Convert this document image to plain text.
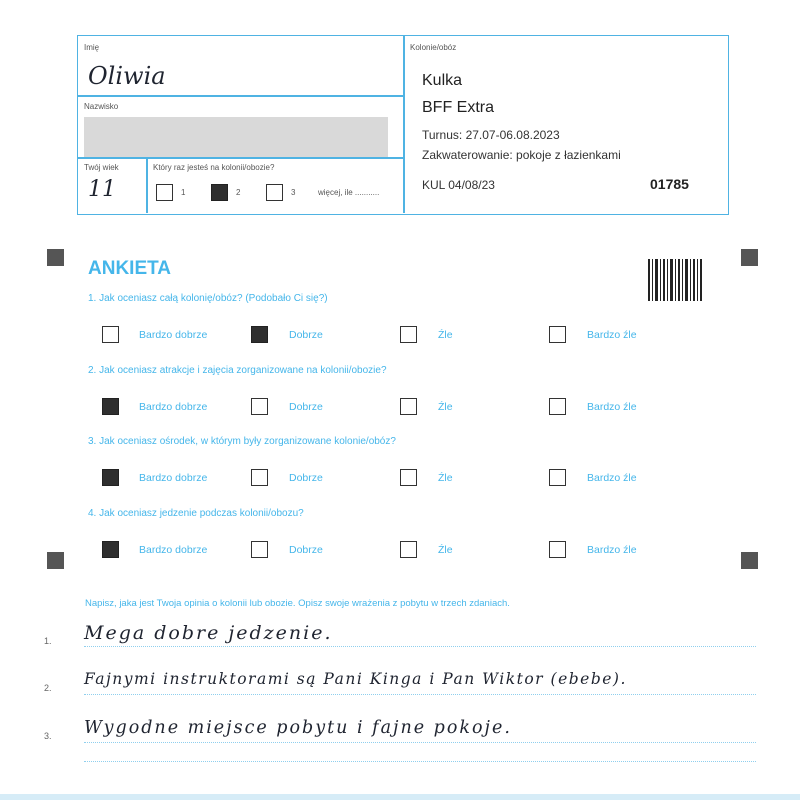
Imię
Oliwia
Nazwisko
Twój wiek
11
Który raz jesteś na kolonii/obozie?
1	2	3	więcej, ile ...........
Kolonie/obóz
Kulka
BFF Extra
Turnus: 27.07-06.08.2023
Zakwaterowanie: pokoje z łazienkami
KUL 04/08/23	01785
ANKIETA
1. Jak oceniasz całą kolonię/obóz? (Podobało Ci się?)
Bardzo dobrze	Dobrze	Źle	Bardzo źle
2. Jak oceniasz atrakcje i zajęcia zorganizowane na kolonii/obozie?
Bardzo dobrze	Dobrze	Źle	Bardzo źle
3. Jak oceniasz ośrodek, w którym były zorganizowane kolonie/obóz?
Bardzo dobrze	Dobrze	Źle	Bardzo źle
4. Jak oceniasz jedzenie podczas kolonii/obozu?
Bardzo dobrze	Dobrze	Źle	Bardzo źle
Napisz, jaka jest Twoja opinia o kolonii lub obozie. Opisz swoje wrażenia z pobytu w trzech zdaniach.
1. Mega dobre jedzenie.
2. Fajnymi instruktorami są Pani Kinga i Pan Wiktor (ebebe).
3. Wygodne miejsce pobytu i fajne pokoje.
